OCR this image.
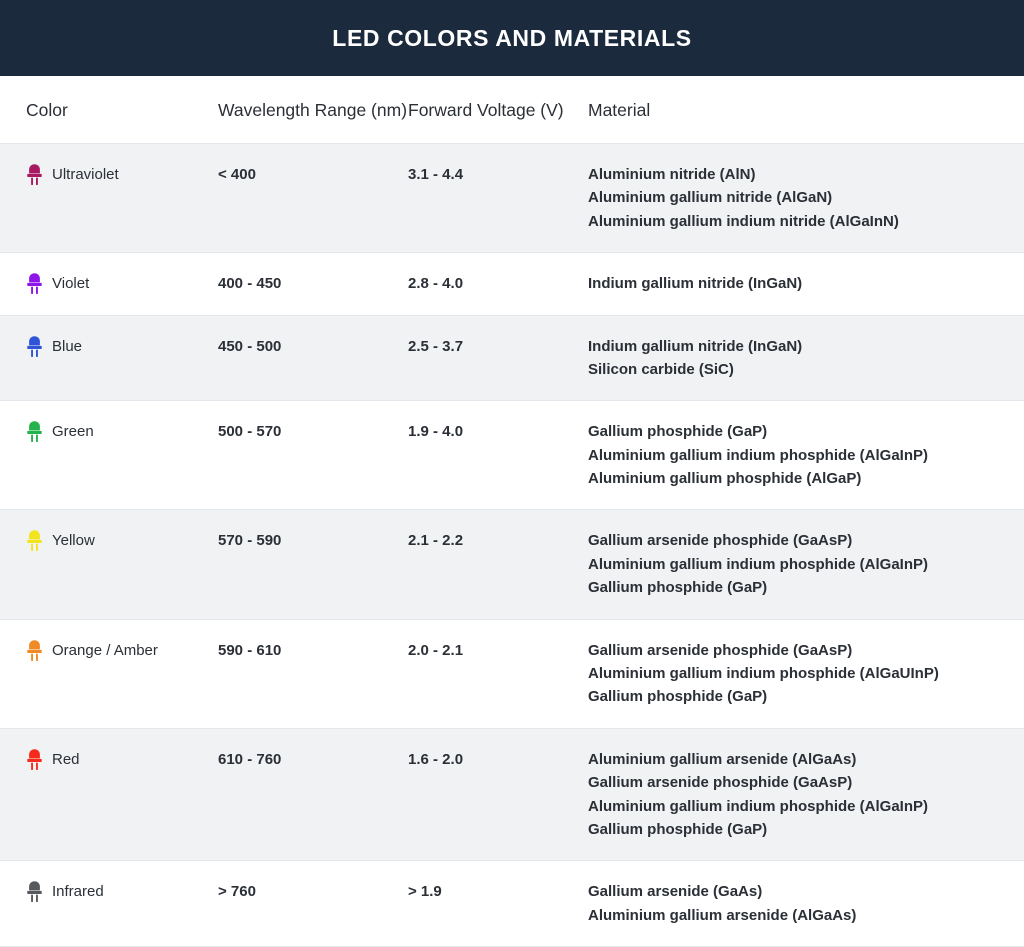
LED COLORS AND MATERIALS
Color	Wavelength Range (nm) Forward Voltage (V)	Material
Ultraviolet	< 400	3.1 - 4.4	Aluminium nitride (AlN)
Aluminium gallium nitride (AlGaN)
Aluminium gallium indium nitride (AlGaInN)
Violet	400 - 450	2.8 - 4.0	Indium gallium nitride (InGaN)
Blue	450 - 500	2.5 - 3.7	Indium gallium nitride (InGaN)
Silicon carbide (SiC)
Green	500 - 570	1.9 - 4.0	Gallium phosphide (GaP)
Aluminium gallium indium phosphide (AlGaInP)
Aluminium gallium phosphide (AlGaP)
Yellow	570 - 590	2.1 - 2.2	Gallium arsenide phosphide (GaAsP)
Aluminium gallium indium phosphide (AlGaInP)
Gallium phosphide (GaP)
Orange / Amber	590 - 610	2.0 - 2.1	Gallium arsenide phosphide (GaAsP)
Aluminium gallium indium phosphide (AlGaUInP)
Gallium phosphide (GaP)
Red	610 - 760	1.6 - 2.0	Aluminium gallium arsenide (AlGaAs)
Gallium arsenide phosphide (GaAsP)
Aluminium gallium indium phosphide (AlGaInP)
Gallium phosphide (GaP)
Infrared	> 760	> 1.9	Gallium arsenide (GaAs)
Aluminium gallium arsenide (AlGaAs)
